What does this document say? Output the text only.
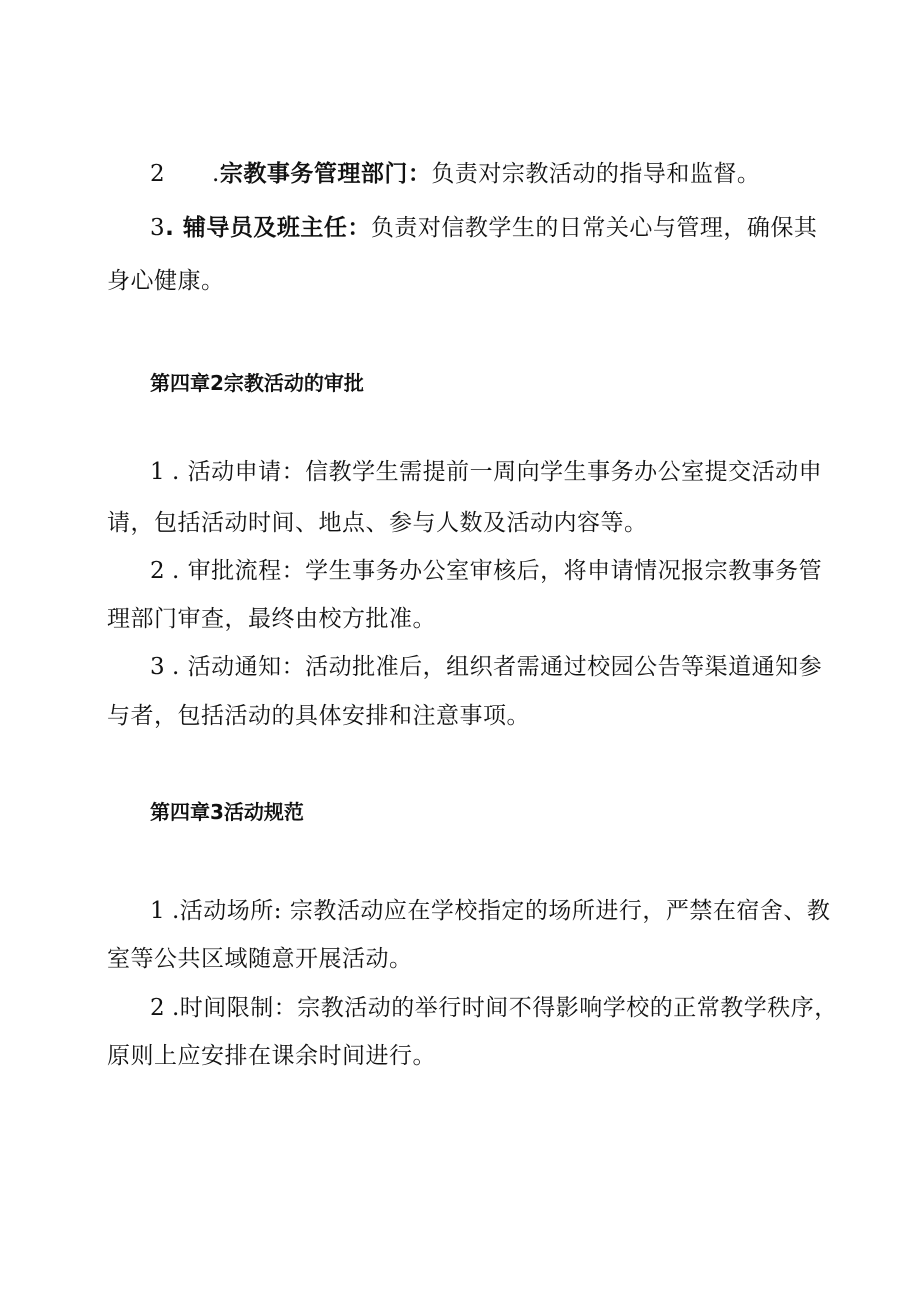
2 .宗教事务管理部门：负责对宗教活动的指导和监督。
3. 辅导员及班主任：负责对信教学生的日常关心与管理，确保其
身心健康。
第四章2宗教活动的审批
1 . 活动申请：信教学生需提前一周向学生事务办公室提交活动申
请，包括活动时间、地点、参与人数及活动内容等。
2 . 审批流程：学生事务办公室审核后，将申请情况报宗教事务管
理部门审查，最终由校方批准。
3 . 活动通知：活动批准后，组织者需通过校园公告等渠道通知参
与者，包括活动的具体安排和注意事项。
第四章3活动规范
1 .活动场所: 宗教活动应在学校指定的场所进行，严禁在宿舍、教
室等公共区域随意开展活动。
2 .时间限制：宗教活动的举行时间不得影响学校的正常教学秩序，
原则上应安排在课余时间进行。
